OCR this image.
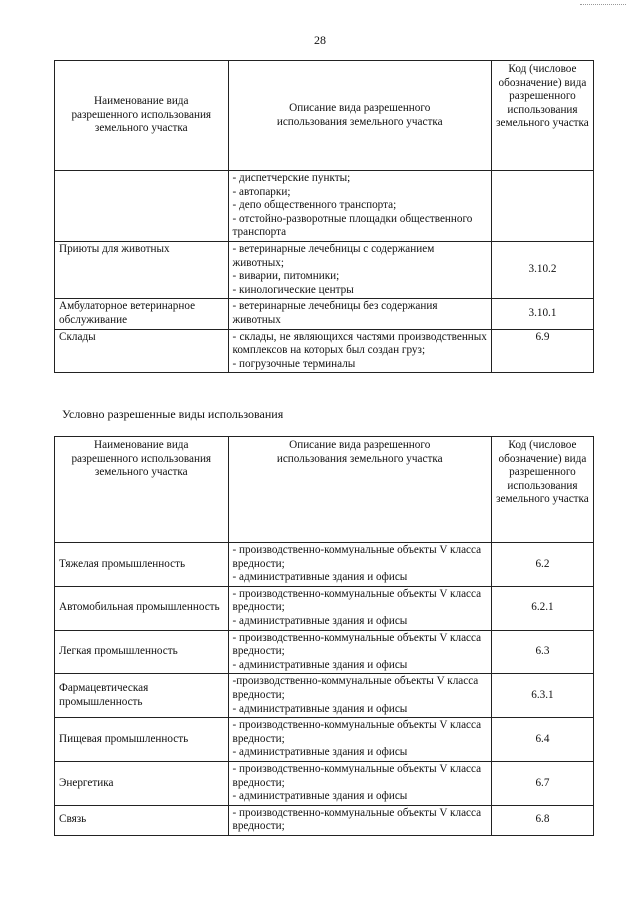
28
Наименование вида разрешенного использования земельного участка	Описание вида разрешенного использования земельного участка	Код (числовое обозначение) вида разрешенного использования земельного участка

	- диспетчерские пункты;
- автопарки;
- депо общественного транспорта;
- отстойно-разворотные площадки общественного транспорта	

Приюты для животных	- ветеринарные лечебницы с содержанием животных;
- виварии, питомники;
- кинологические центры	3.10.2
Амбулаторное ветеринарное обслуживание	- ветеринарные лечебницы без содержания животных	3.10.1
Склады	- склады, не являющихся частями производственных комплексов на которых был создан груз;
- погрузочные терминалы	6.9
Условно разрешенные виды использования
Наименование вида разрешенного использования земельного участка	Описание вида разрешенного использования земельного участка	Код (числовое обозначение) вида разрешенного использования земельного участка
Тяжелая промышленность	- производственно-коммунальные объекты V класса вредности;
- административные здания и офисы	6.2
Автомобильная промышленность	- производственно-коммунальные объекты V класса вредности;
- административные здания и офисы	6.2.1
Легкая промышленность	- производственно-коммунальные объекты V класса вредности;
- административные здания и офисы	6.3
Фармацевтическая промышленность	-производственно-коммунальные объекты V класса вредности;
- административные здания и офисы	6.3.1
Пищевая промышленность	- производственно-коммунальные объекты V класса вредности;
- административные здания и офисы	6.4
Энергетика	- производственно-коммунальные объекты V класса вредности;
- административные здания и офисы	6.7
Связь	- производственно-коммунальные объекты V класса вредности;	6.8
